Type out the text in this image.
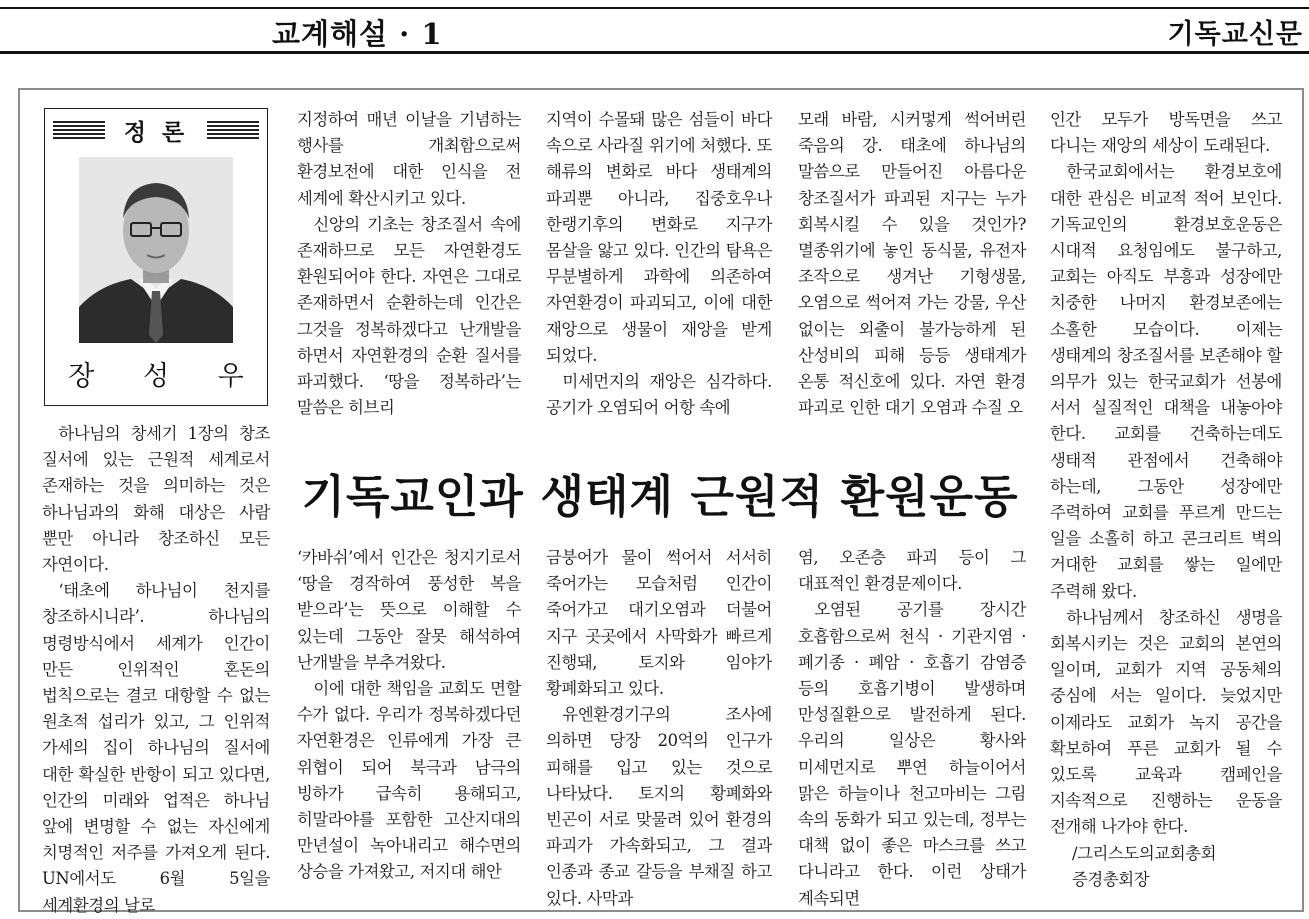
교계해설 · 1	기독교신문
정 론
장 성 우

하나님의 창세기 1장의 창조 질서에 있는 근원적 세계로서 존재하는 것을 의미하는 것은 하나님과의 화해 대상은 사람 뿐만 아니라 창조하신 모든 자연이다.

‘태초에 하나님이 천지를 창조하시니라’. 하나님의 명령방식에서 세계가 인간이 만든 인위적인 혼돈의 법칙으로는 결코 대항할 수 없는 원초적 섭리가 있고, 그 인위적 가세의 집이 하나님의 질서에 대한 확실한 반항이 되고 있다면, 인간의 미래와 업적은 하나님 앞에 변명할 수 없는 자신에게 치명적인 저주를 가져오게 된다. UN에서도 6월 5일을 세계환경의 날로

지정하여 매년 이날을 기념하는 행사를 개최함으로써 환경보전에 대한 인식을 전 세계에 확산시키고 있다.

신앙의 기초는 창조질서 속에 존재하므로 모든 자연환경도 환원되어야 한다. 자연은 그대로 존재하면서 순환하는데 인간은 그것을 정복하겠다고 난개발을 하면서 자연환경의 순환 질서를 파괴했다. ‘땅을 정복하라’는 말씀은 히브리

‘카바쉬’에서 인간은 청지기로서 ‘땅을 경작하여 풍성한 복을 받으라’는 뜻으로 이해할 수 있는데 그동안 잘못 해석하여 난개발을 부추겨왔다.

이에 대한 책임을 교회도 면할 수가 없다. 우리가 정복하겠다던 자연환경은 인류에게 가장 큰 위협이 되어 북극과 남극의 빙하가 급속히 용해되고, 히말라야를 포함한 고산지대의 만년설이 녹아내리고 해수면의 상승을 가져왔고, 저지대 해안

지역이 수몰돼 많은 섬들이 바다 속으로 사라질 위기에 처했다. 또 해류의 변화로 바다 생태계의 파괴뿐 아니라, 집중호우나 한랭기후의 변화로 지구가 몸살을 앓고 있다. 인간의 탐욕은 무분별하게 과학에 의존하여 자연환경이 파괴되고, 이에 대한 재앙으로 생물이 재앙을 받게 되었다.

미세먼지의 재앙은 심각하다. 공기가 오염되어 어항 속에

금붕어가 물이 썩어서 서서히 죽어가는 모습처럼 인간이 죽어가고 대기오염과 더불어 지구 곳곳에서 사막화가 빠르게 진행돼, 토지와 임야가 황폐화되고 있다.

유엔환경기구의 조사에 의하면 당장 20억의 인구가 피해를 입고 있는 것으로 나타났다. 토지의 황폐화와 빈곤이 서로 맞물려 있어 환경의 파괴가 가속화되고, 그 결과 인종과 종교 갈등을 부채질 하고 있다. 사막과

모래 바람, 시커멓게 썩어버린 죽음의 강. 태초에 하나님의 말씀으로 만들어진 아름다운 창조질서가 파괴된 지구는 누가 회복시킬 수 있을 것인가? 멸종위기에 놓인 동식물, 유전자 조작으로 생겨난 기형생물, 오염으로 썩어져 가는 강물, 우산 없이는 외출이 불가능하게 된 산성비의 피해 등등 생태계가 온통 적신호에 있다. 자연 환경 파괴로 인한 대기 오염과 수질 오

염, 오존층 파괴 등이 그 대표적인 환경문제이다.

오염된 공기를 장시간 호흡함으로써 천식 · 기관지염 · 폐기종 · 폐암 · 호흡기 감염증 등의 호흡기병이 발생하며 만성질환으로 발전하게 된다. 우리의 일상은 황사와 미세먼지로 뿌연 하늘이어서 맑은 하늘이나 천고마비는 그림 속의 동화가 되고 있는데, 정부는 대책 없이 좋은 마스크를 쓰고 다니라고 한다. 이런 상태가 계속되면

인간 모두가 방독면을 쓰고 다니는 재앙의 세상이 도래된다.

한국교회에서는 환경보호에 대한 관심은 비교적 적어 보인다. 기독교인의 환경보호운동은 시대적 요청임에도 불구하고, 교회는 아직도 부흥과 성장에만 치중한 나머지 환경보존에는 소홀한 모습이다. 이제는 생태계의 창조질서를 보존해야 할 의무가 있는 한국교회가 선봉에 서서 실질적인 대책을 내놓아야 한다. 교회를 건축하는데도 생태적 관점에서 건축해야 하는데, 그동안 성장에만 주력하여 교회를 푸르게 만드는 일을 소홀히 하고 콘크리트 벽의 거대한 교회를 쌓는 일에만 주력해 왔다.

하나님께서 창조하신 생명을 회복시키는 것은 교회의 본연의 일이며, 교회가 지역 공동체의 중심에 서는 일이다. 늦었지만 이제라도 교회가 녹지 공간을 확보하여 푸른 교회가 될 수 있도록 교육과 캠페인을 지속적으로 진행하는 운동을 전개해 나가야 한다.

/그리스도의교회총회 증경총회장

기독교인과 생태계 근원적 환원운동
